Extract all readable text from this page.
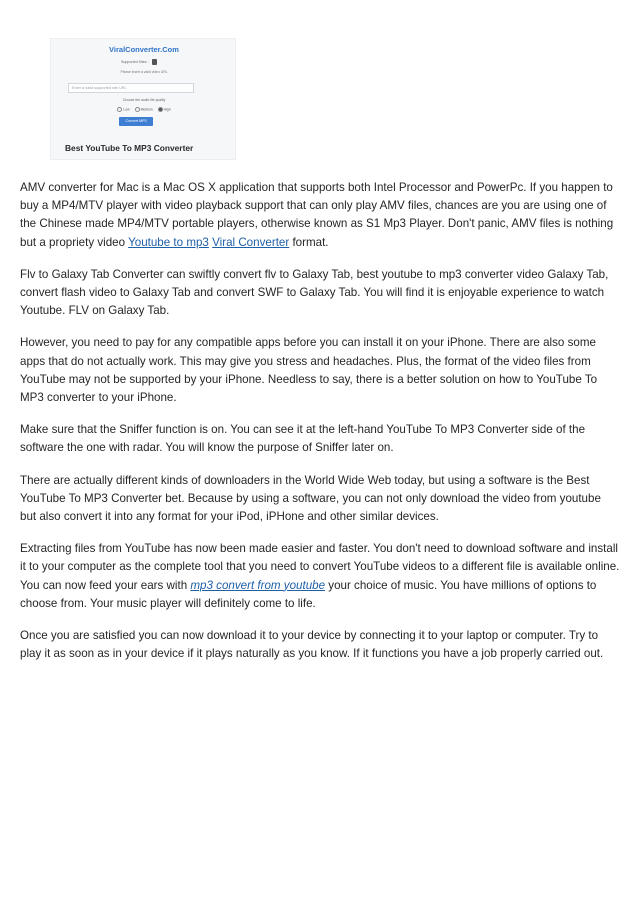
ViralConverter.Com
Supported Sites :
Please insert a valid video URL
Enter a valid supported site URL
Choose the audio file quality
Low	Medium	High
Convert MP3
Best YouTube To MP3 Converter

AMV converter for Mac is a Mac OS X application that supports both Intel Processor and PowerPc. If you happen to buy a MP4/MTV player with video playback support that can only play AMV files, chances are you are using one of the Chinese made MP4/MTV portable players, otherwise known as S1 Mp3 Player. Don't panic, AMV files is nothing but a propriety video Youtube to mp3 Viral Converter format.

Flv to Galaxy Tab Converter can swiftly convert flv to Galaxy Tab, best youtube to mp3 converter video Galaxy Tab, convert flash video to Galaxy Tab and convert SWF to Galaxy Tab. You will find it is enjoyable experience to watch Youtube. FLV on Galaxy Tab.

However, you need to pay for any compatible apps before you can install it on your iPhone. There are also some apps that do not actually work. This may give you stress and headaches. Plus, the format of the video files from YouTube may not be supported by your iPhone. Needless to say, there is a better solution on how to YouTube To MP3 converter to your iPhone.

Make sure that the Sniffer function is on. You can see it at the left-hand YouTube To MP3 Converter side of the software the one with radar. You will know the purpose of Sniffer later on.

There are actually different kinds of downloaders in the World Wide Web today, but using a software is the Best YouTube To MP3 Converter bet. Because by using a software, you can not only download the video from youtube but also convert it into any format for your iPod, iPHone and other similar devices.

Extracting files from YouTube has now been made easier and faster. You don't need to download software and install it to your computer as the complete tool that you need to convert YouTube videos to a different file is available online. You can now feed your ears with mp3 convert from youtube your choice of music. You have millions of options to choose from. Your music player will definitely come to life.

Once you are satisfied you can now download it to your device by connecting it to your laptop or computer. Try to play it as soon as in your device if it plays naturally as you know. If it functions you have a job properly carried out.
